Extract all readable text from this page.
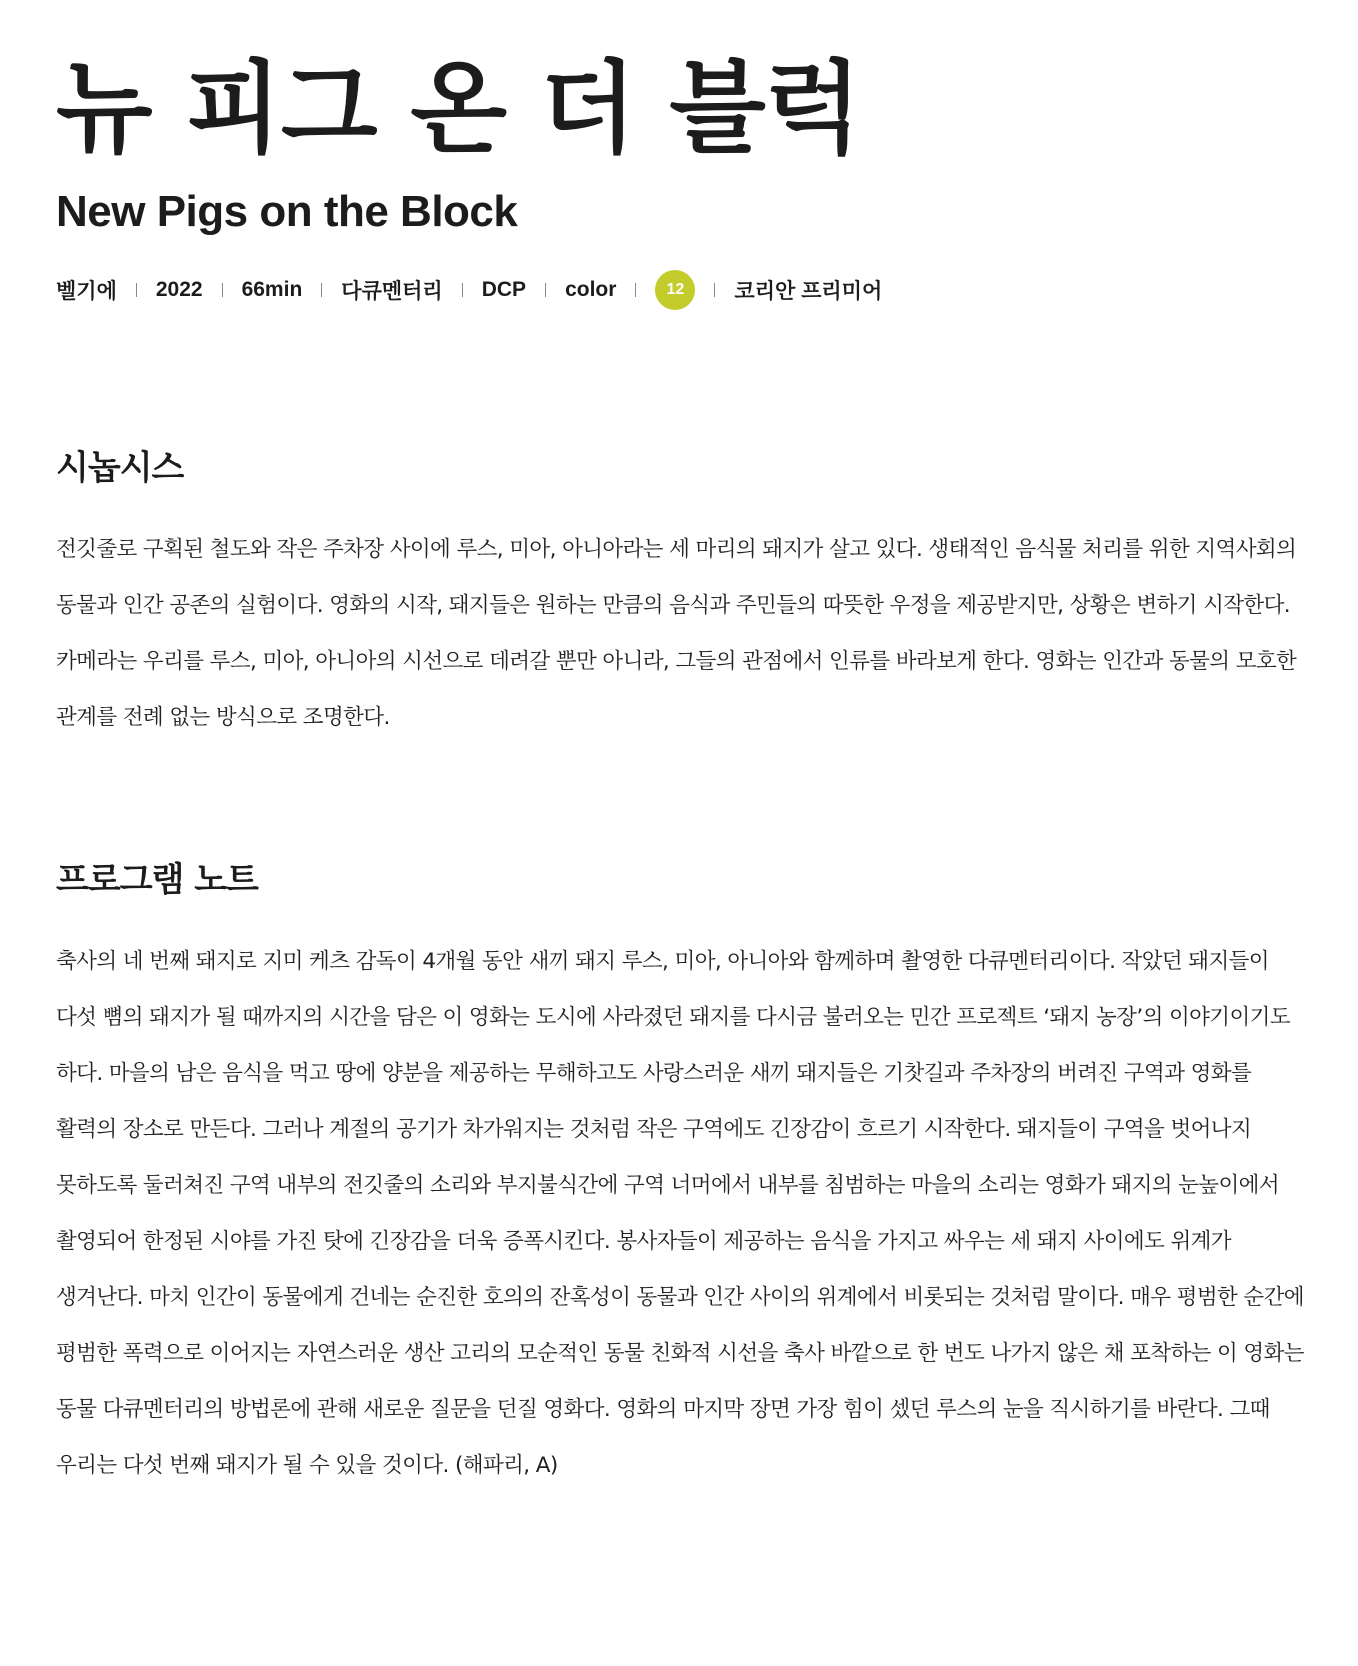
뉴 피그 온 더 블럭
New Pigs on the Block
벨기에 2022 66min 다큐멘터리 DCP color	12	코리안 프리미어
시놉시스

전깃줄로 구획된 철도와 작은 주차장 사이에 루스, 미아, 아니아라는 세 마리의 돼지가 살고 있다. 생태적인 음식물 처리를 위한 지역사회의 동물과 인간 공존의 실험이다. 영화의 시작, 돼지들은 원하는 만큼의 음식과 주민들의 따뜻한 우정을 제공받지만, 상황은 변하기 시작한다. 카메라는 우리를 루스, 미아, 아니아의 시선으로 데려갈 뿐만 아니라, 그들의 관점에서 인류를 바라보게 한다. 영화는 인간과 동물의 모호한 관계를 전례 없는 방식으로 조명한다.

프로그램 노트

축사의 네 번째 돼지로 지미 케츠 감독이 4개월 동안 새끼 돼지 루스, 미아, 아니아와 함께하며 촬영한 다큐멘터리이다. 작았던 돼지들이 다섯 뼘의 돼지가 될 때까지의 시간을 담은 이 영화는 도시에 사라졌던 돼지를 다시금 불러오는 민간 프로젝트 ‘돼지 농장’의 이야기이기도 하다. 마을의 남은 음식을 먹고 땅에 양분을 제공하는 무해하고도 사랑스러운 새끼 돼지들은 기찻길과 주차장의 버려진 구역과 영화를 활력의 장소로 만든다. 그러나 계절의 공기가 차가워지는 것처럼 작은 구역에도 긴장감이 흐르기 시작한다. 돼지들이 구역을 벗어나지 못하도록 둘러쳐진 구역 내부의 전깃줄의 소리와 부지불식간에 구역 너머에서 내부를 침범하는 마을의 소리는 영화가 돼지의 눈높이에서 촬영되어 한정된 시야를 가진 탓에 긴장감을 더욱 증폭시킨다. 봉사자들이 제공하는 음식을 가지고 싸우는 세 돼지 사이에도 위계가 생겨난다. 마치 인간이 동물에게 건네는 순진한 호의의 잔혹성이 동물과 인간 사이의 위계에서 비롯되는 것처럼 말이다. 매우 평범한 순간에 평범한 폭력으로 이어지는 자연스러운 생산 고리의 모순적인 동물 친화적 시선을 축사 바깥으로 한 번도 나가지 않은 채 포착하는 이 영화는 동물 다큐멘터리의 방법론에 관해 새로운 질문을 던질 영화다. 영화의 마지막 장면 가장 힘이 셌던 루스의 눈을 직시하기를 바란다. 그때 우리는 다섯 번째 돼지가 될 수 있을 것이다. (해파리, A)
